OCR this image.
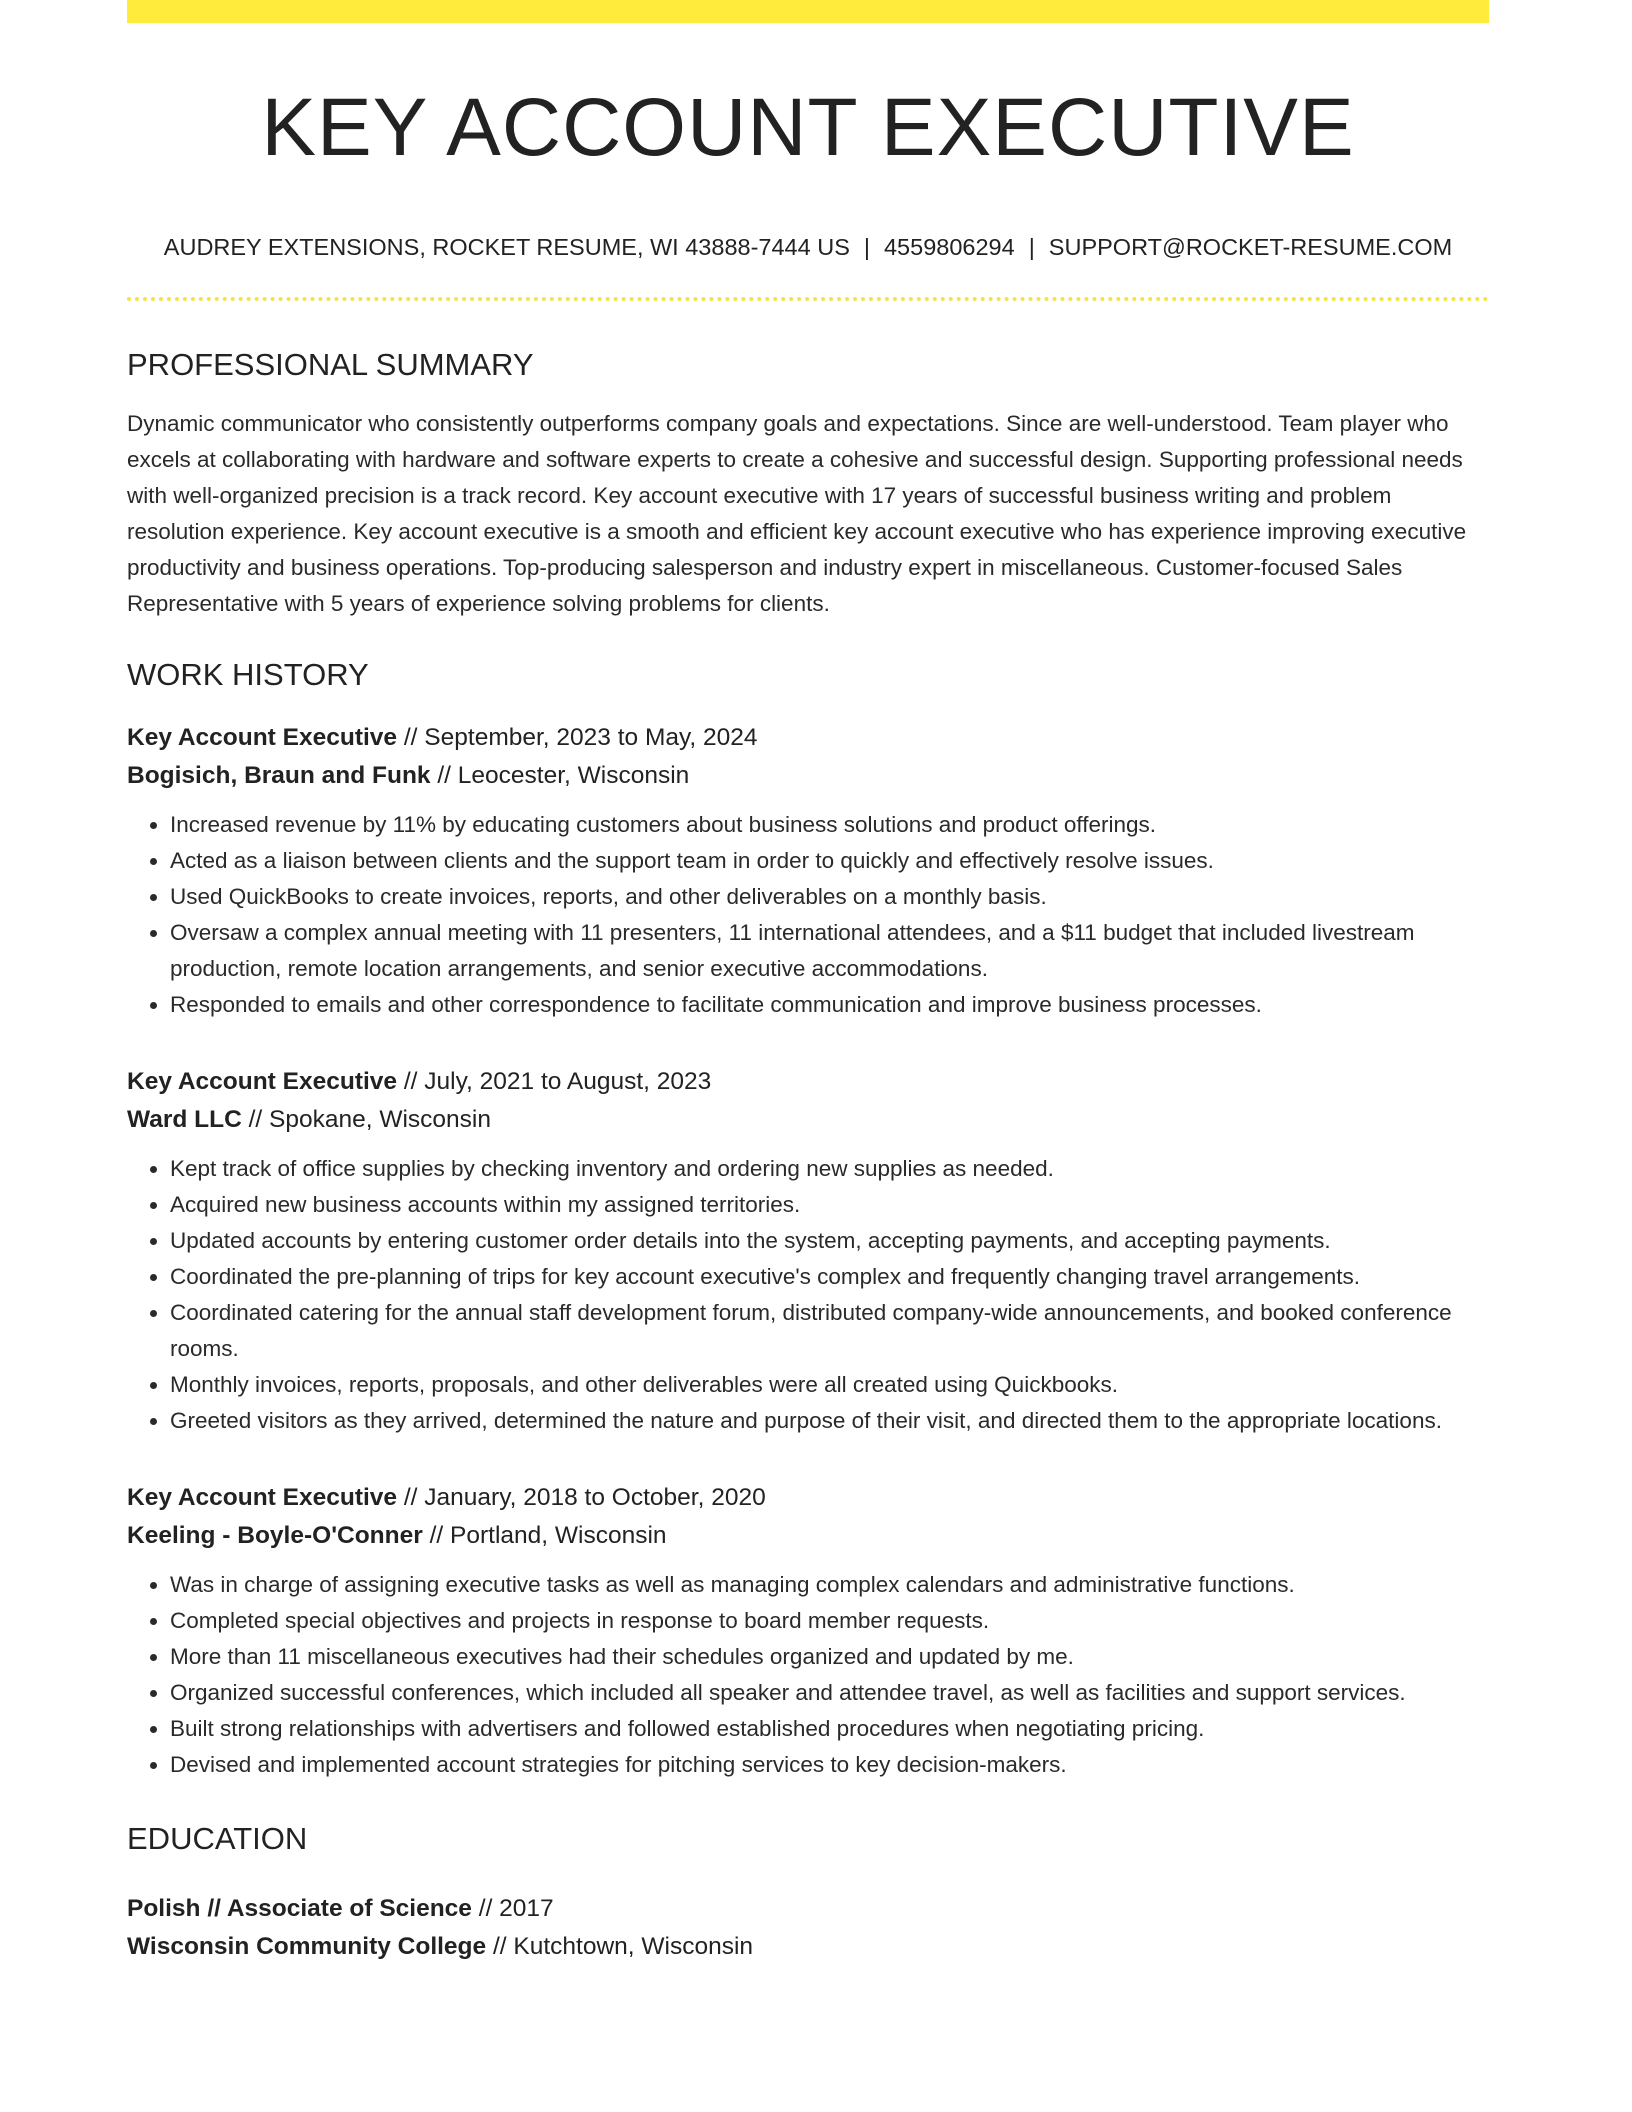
KEY ACCOUNT EXECUTIVE
AUDREY EXTENSIONS, ROCKET RESUME, WI 43888-7444 US | 4559806294 | SUPPORT@ROCKET-RESUME.COM
PROFESSIONAL SUMMARY

Dynamic communicator who consistently outperforms company goals and expectations. Since are well-understood. Team player who excels at collaborating with hardware and software experts to create a cohesive and successful design. Supporting professional needs with well-organized precision is a track record. Key account executive with 17 years of successful business writing and problem resolution experience. Key account executive is a smooth and efficient key account executive who has experience improving executive productivity and business operations. Top-producing salesperson and industry expert in miscellaneous. Customer-focused Sales Representative with 5 years of experience solving problems for clients.

WORK HISTORY
Key Account Executive // September, 2023 to May, 2024
Bogisich, Braun and Funk // Leocester, Wisconsin
• Increased revenue by 11% by educating customers about business solutions and product offerings.
• Acted as a liaison between clients and the support team in order to quickly and effectively resolve issues.
• Used QuickBooks to create invoices, reports, and other deliverables on a monthly basis.
• Oversaw a complex annual meeting with 11 presenters, 11 international attendees, and a $11 budget that included livestream production, remote location arrangements, and senior executive accommodations.
• Responded to emails and other correspondence to facilitate communication and improve business processes.
Key Account Executive // July, 2021 to August, 2023
Ward LLC // Spokane, Wisconsin
• Kept track of office supplies by checking inventory and ordering new supplies as needed.
• Acquired new business accounts within my assigned territories.
• Updated accounts by entering customer order details into the system, accepting payments, and accepting payments.
• Coordinated the pre-planning of trips for key account executive's complex and frequently changing travel arrangements.
• Coordinated catering for the annual staff development forum, distributed company-wide announcements, and booked conference rooms.
• Monthly invoices, reports, proposals, and other deliverables were all created using Quickbooks.
• Greeted visitors as they arrived, determined the nature and purpose of their visit, and directed them to the appropriate locations.
Key Account Executive // January, 2018 to October, 2020
Keeling - Boyle-O'Conner // Portland, Wisconsin
• Was in charge of assigning executive tasks as well as managing complex calendars and administrative functions.
• Completed special objectives and projects in response to board member requests.
• More than 11 miscellaneous executives had their schedules organized and updated by me.
• Organized successful conferences, which included all speaker and attendee travel, as well as facilities and support services.
• Built strong relationships with advertisers and followed established procedures when negotiating pricing.
• Devised and implemented account strategies for pitching services to key decision-makers.
EDUCATION
Polish // Associate of Science // 2017
Wisconsin Community College // Kutchtown, Wisconsin
